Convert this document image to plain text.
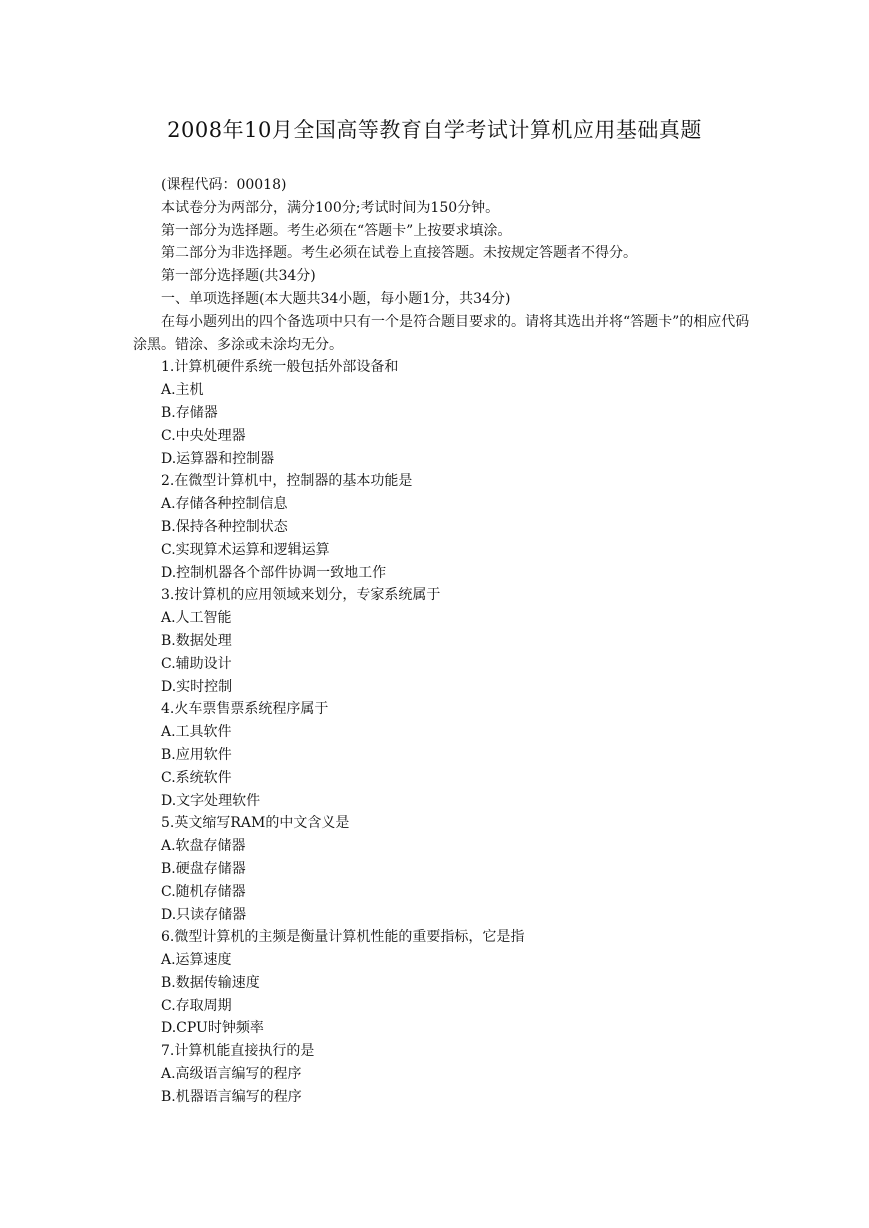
2008年10月全国高等教育自学考试计算机应用基础真题
(课程代码：00018)
本试卷分为两部分，满分100分;考试时间为150分钟。
第一部分为选择题。考生必须在“答题卡”上按要求填涂。
第二部分为非选择题。考生必须在试卷上直接答题。未按规定答题者不得分。
第一部分选择题(共34分)
一、单项选择题(本大题共34小题，每小题1分，共34分)
在每小题列出的四个备选项中只有一个是符合题目要求的。请将其选出并将“答题卡”的相应代码涂黑。错涂、多涂或未涂均无分。
1.计算机硬件系统一般包括外部设备和
A.主机
B.存储器
C.中央处理器
D.运算器和控制器
2.在微型计算机中，控制器的基本功能是
A.存储各种控制信息
B.保持各种控制状态
C.实现算术运算和逻辑运算
D.控制机器各个部件协调一致地工作
3.按计算机的应用领域来划分，专家系统属于
A.人工智能
B.数据处理
C.辅助设计
D.实时控制
4.火车票售票系统程序属于
A.工具软件
B.应用软件
C.系统软件
D.文字处理软件
5.英文缩写RAM的中文含义是
A.软盘存储器
B.硬盘存储器
C.随机存储器
D.只读存储器
6.微型计算机的主频是衡量计算机性能的重要指标，它是指
A.运算速度
B.数据传输速度
C.存取周期
D.CPU时钟频率
7.计算机能直接执行的是
A.高级语言编写的程序
B.机器语言编写的程序
